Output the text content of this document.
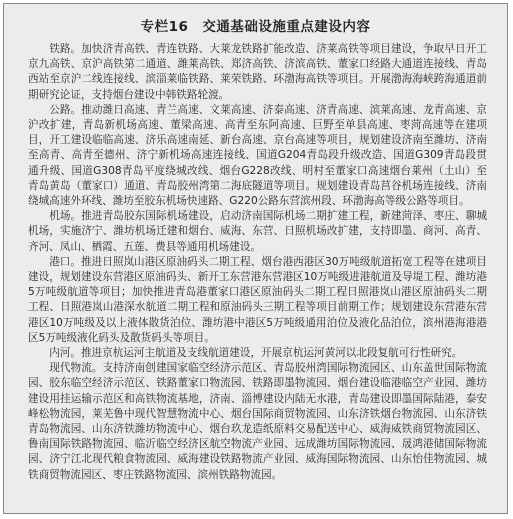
专栏16 交通基础设施重点建设内容

铁路。加快济青高铁、青连铁路、大莱龙铁路扩能改造、济莱高铁等项目建设，争取早日开工京九高铁、京沪高铁第二通道、潍莱高铁、郑济高铁、济滨高铁、董家口经路大通道连接线、青岛西站至京沪二线连接线、滨淄莱临铁路、莱荣铁路、环渤海高铁等项目。开展渤海海峡跨海通道前期研究论证，支持烟台建设中韩铁路轮渡。

公路。推动潍日高速、青兰高速、文莱高速、济泰高速、济青高速、滨莱高速、龙青高速、京沪改扩建，青岛新机场高速、董梁高速、高青至东阿高速、巨野至单县高速、枣菏高速等在建项目，开工建设临临高速、济乐高速南延、新台高速、京台高速等项目，规划建设济南至潍坊、济南至高青、高青至德州、济宁新机场高速连接线、国道G204青岛段升级改造、国道G309青岛段贯通升级、国道G308青岛平度绕城改线、烟台G228改线、明村至董家口高速烟台莱州（土山）至青岛黄岛（董家口）通道、青岛胶州湾第二海底隧道等项目。规划建设青岛莒谷机场连接线、济南绕城高速外环线、潍坊至胶东机场快速路、G220公路东营滨州段、环渤海高等级公路等项目。

机场。推进青岛胶东国际机场建设，启动济南国际机场二期扩建工程，新建菏泽、枣庄、聊城机场，实施济宁、潍坊机场迁建和烟台、威海、东营、日照机场改扩建，支持即墨、商河、高青、齐河、凤山、栖霞、五莲、费县等通用机场建设。

港口。推进日照岚山港区原油码头二期工程、烟台港西港区30万吨级航道拓宽工程等在建项目建设，规划建设东营港区原油码头、新开工东营港东营港区10万吨级进港航道及导堤工程、潍坊港5万吨级航道等项目；加快推进青岛港董家口港区原油码头二期工程日照港岚山港区原油码头二期工程、日照港岚山港深水航道二期工程和原油码头三期工程等项目前期工作；规划建设东营港东营港区10万吨级及以上液体散货泊位、潍坊港中港区5万吨级通用泊位及液化品泊位，滨州港海港港区5万吨级液化码头及散货码头等项目。

内河。推进京杭运河主航道及支线航道建设，开展京杭运河黄河以北段复航可行性研究。

现代物流。支持济南创建国家临空经济示范区、青岛胶州湾国际物流园区、山东盖世国际物流园、胶东临空经济示范区、铁路董家口物流园、铁路即墨物流园、烟台建设临港临空产业园、潍坊建设用挂运输示范区和高铁物流基地，济南、淄博建设内陆无水港，青岛建设即墨国际陆港，泰安峰松物流园，莱芜鲁中现代智慧物流中心、烟台国际商贸物流园、山东济铁烟台物流园、山东济铁青岛物流园、山东济铁潍坊物流中心、烟台玖龙造纸原料交易配送中心、威海威铁商贸物流园区、鲁南国际铁路物流园、临沂临空经济区航空物流产业园、远成潍坊国际物流园、晟鸿港储国际物流园、济宁江北现代粮食物流园、威海建设铁路物流产业园、威海国际物流园、山东怡佳物流园、城铁商贸物流园区、枣庄铁路物流园、滨州铁路物流园。
